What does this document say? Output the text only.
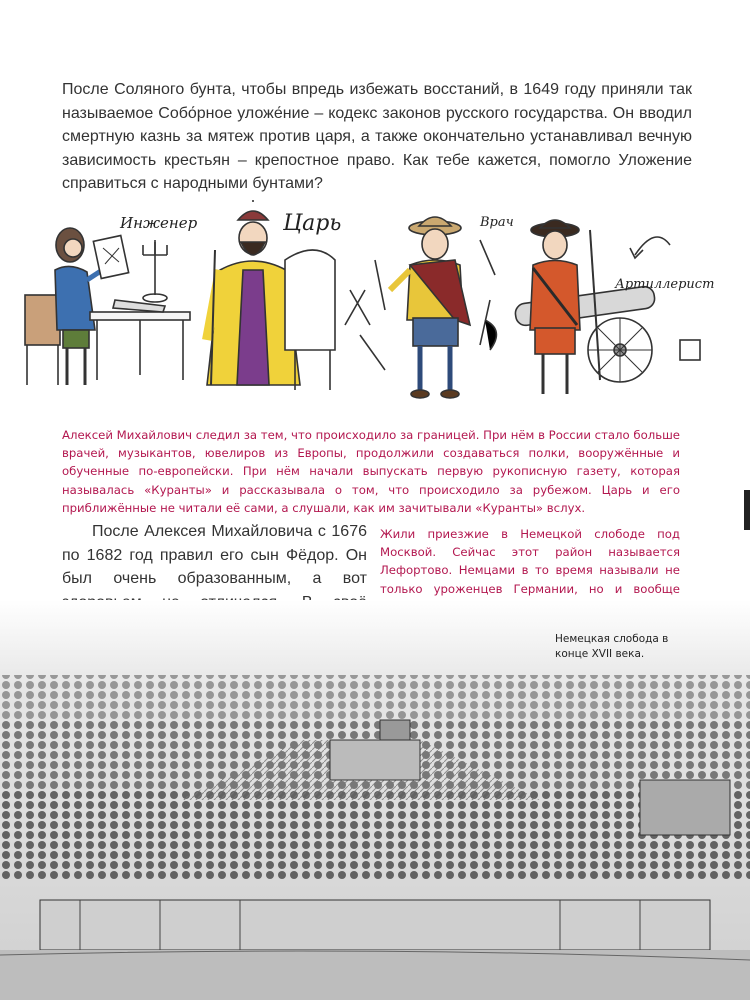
После Соляного бунта, чтобы впредь избежать восстаний, в 1649 году приняли так называемое Собо́рное уложе́ние – кодекс законов русского государства. Он вводил смертную казнь за мятеж против царя, а также окончательно устанавливал вечную зависимость крестьян – крепостное право. Как тебе кажется, помогло Уложение справиться с народными бунтами?
Инженер	Царь	Врач
Артиллерист

Алексей Михайлович следил за тем, что происходило за границей. При нём в России стало больше врачей, музыкантов, ювелиров из Европы, продолжили создаваться полки, вооружённые и обученные по-европейски. При нём начали выпускать первую рукописную газету, которая называлась «Куранты» и рассказывала о том, что происходило за рубежом. Царь и его приближённые не читали её сами, а слушали, как им зачитывали «Куранты» вслух.

После Алексея Михайловича с 1676 по 1682 год правил его сын Фёдор. Он был очень образованным, а вот

Жили приезжие в Немецкой слободе под Москвой. Сейчас этот район называется Лефортово. Немцами в то время называли не только уроженцев Германии, но и вообще

Немецкая слобода в конце XVII века.
